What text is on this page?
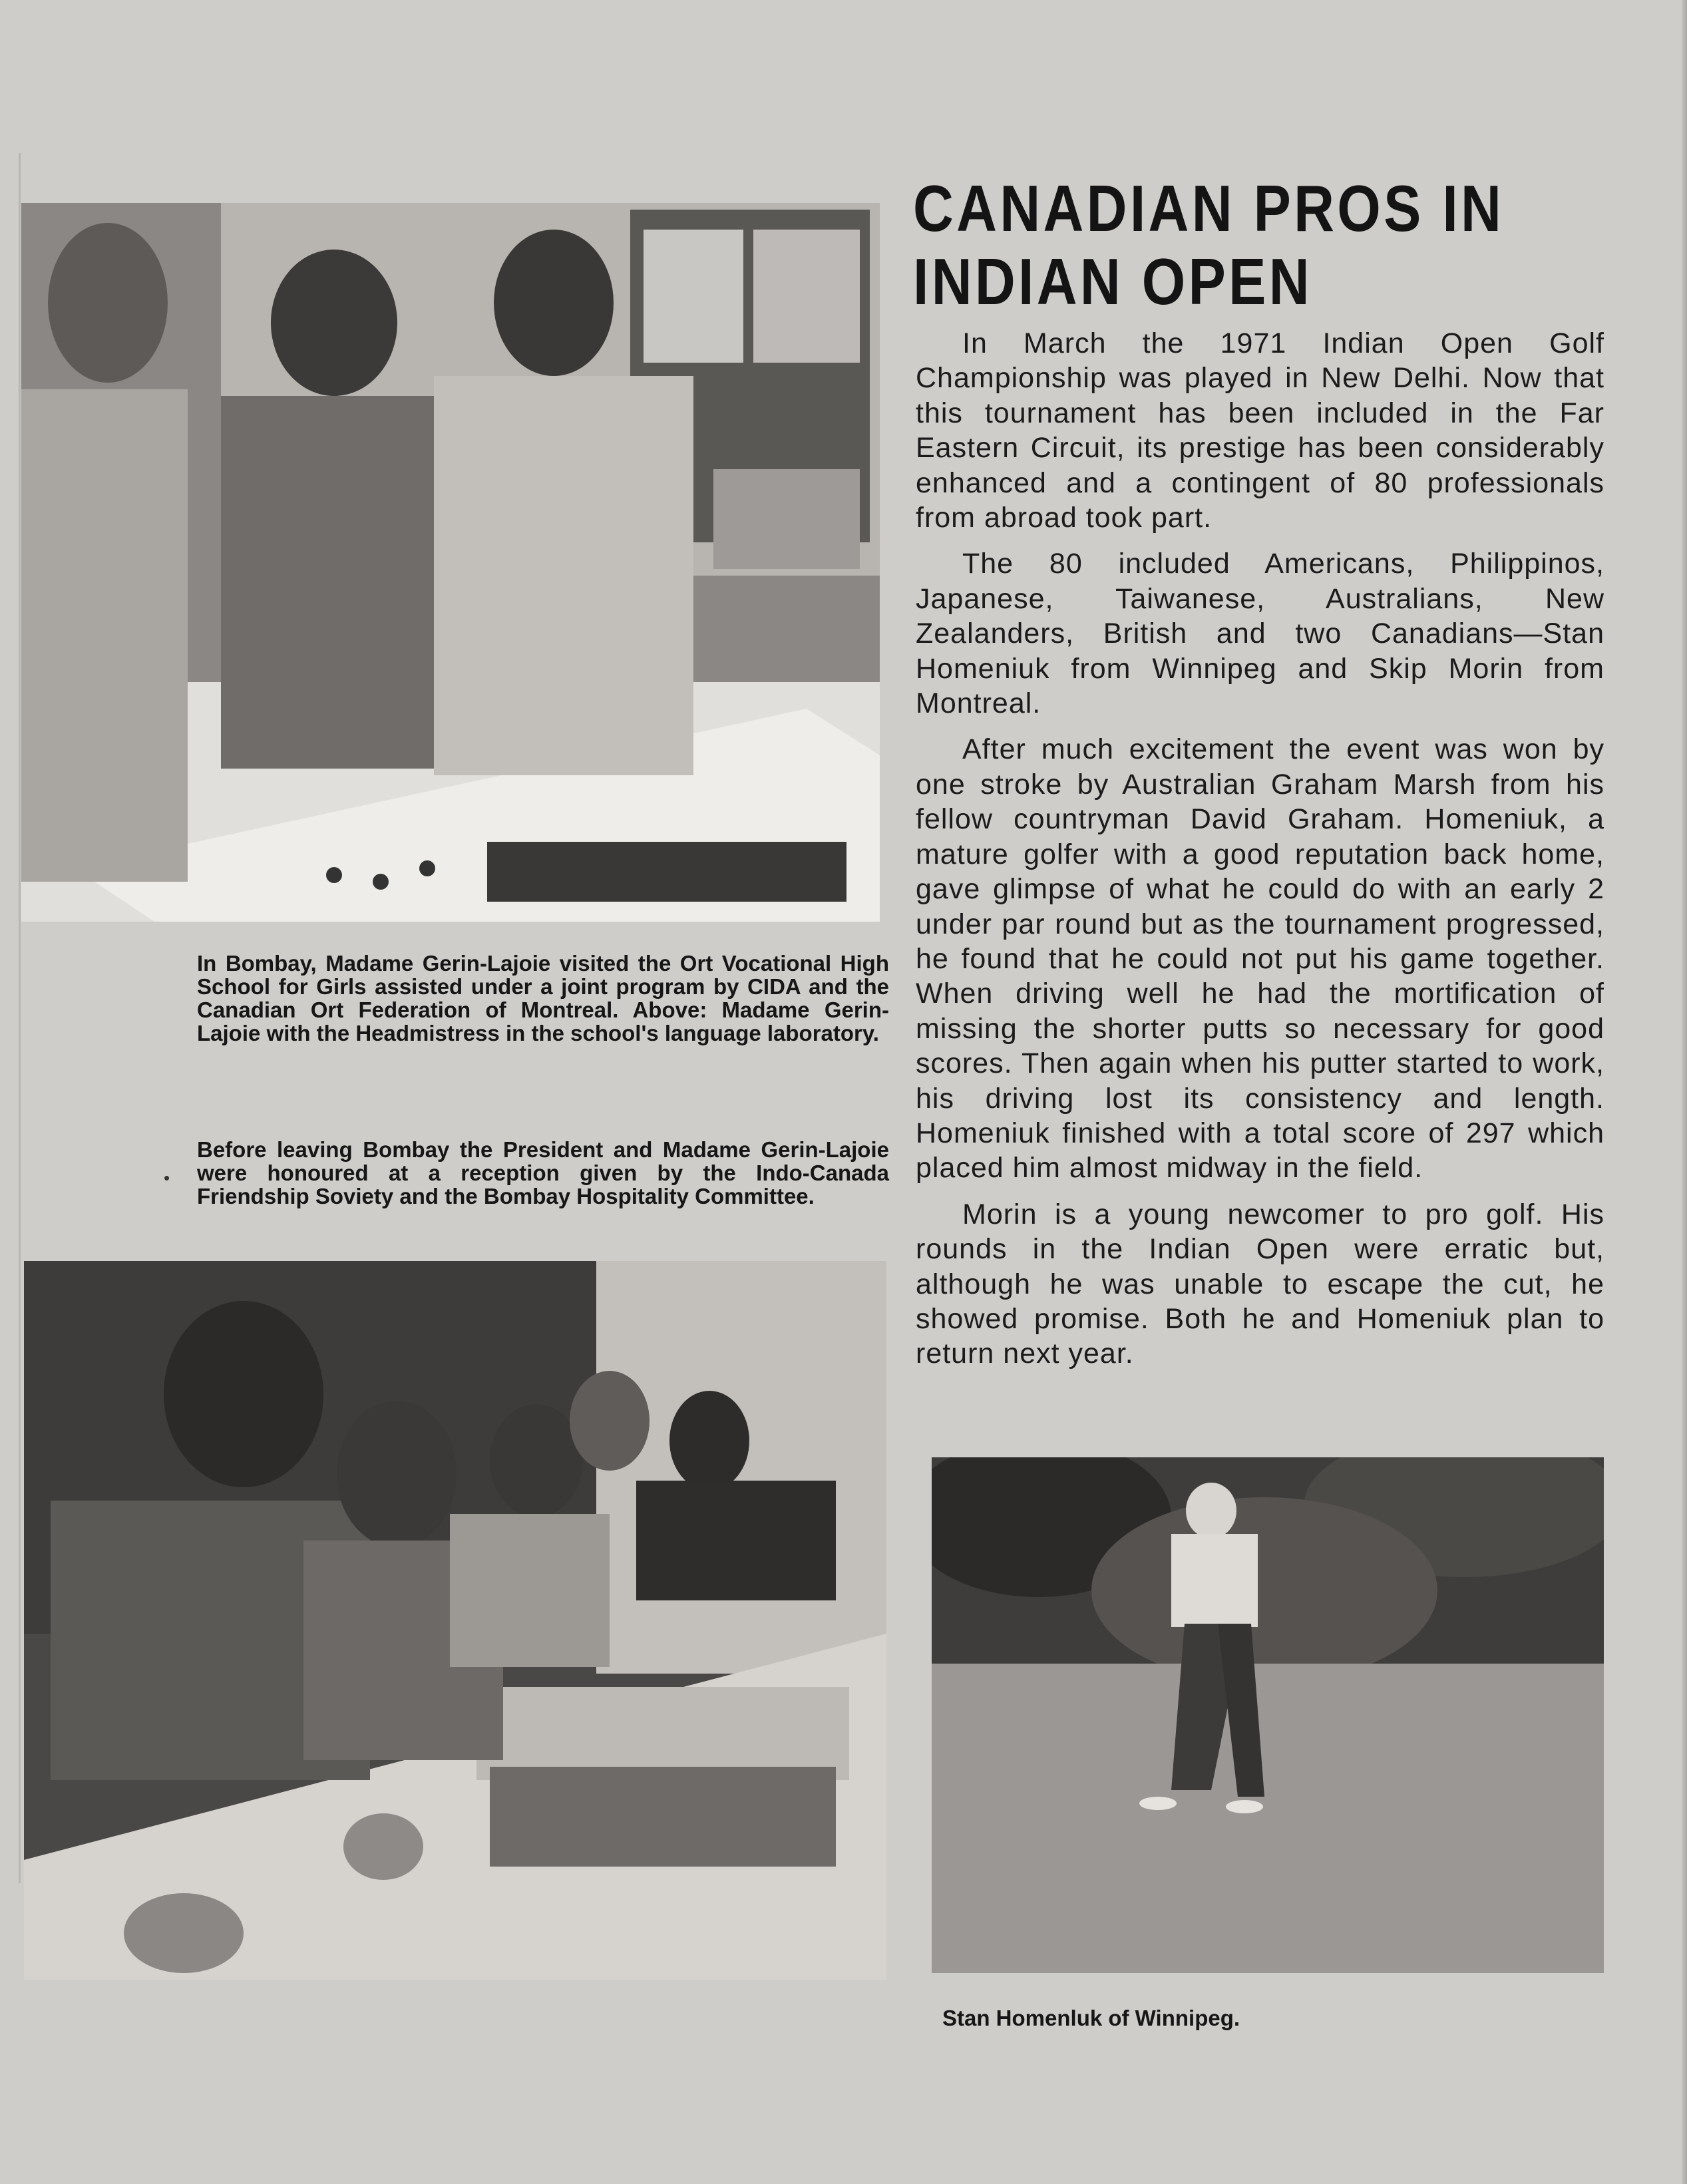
In Bombay, Madame Gerin-Lajoie visited the Ort Vocational High School for Girls assisted under a joint program by CIDA and the Canadian Ort Federation of Montreal. Above: Madame Gerin-Lajoie with the Headmistress in the school's language laboratory.
•
Before leaving Bombay the President and Madame Gerin-Lajoie were honoured at a reception given by the Indo-Canada Friendship Soviety and the Bombay Hospitality Committee.
CANADIAN PROS IN INDIAN OPEN

In March the 1971 Indian Open Golf Championship was played in New Delhi. Now that this tournament has been included in the Far Eastern Circuit, its prestige has been considerably enhanced and a contingent of 80 professionals from abroad took part.

The 80 included Americans, Philippinos, Japanese, Taiwanese, Australians, New Zealanders, British and two Canadians—Stan Homeniuk from Winnipeg and Skip Morin from Montreal.

After much excitement the event was won by one stroke by Australian Graham Marsh from his fellow countryman David Graham. Homeniuk, a mature golfer with a good reputation back home, gave glimpse of what he could do with an early 2 under par round but as the tournament progressed, he found that he could not put his game together. When driving well he had the mortification of missing the shorter putts so necessary for good scores. Then again when his putter started to work, his driving lost its consistency and length. Homeniuk finished with a total score of 297 which placed him almost midway in the field.

Morin is a young newcomer to pro golf. His rounds in the Indian Open were erratic but, although he was unable to escape the cut, he showed promise. Both he and Homeniuk plan to return next year.

Stan Homenluk of Winnipeg.
